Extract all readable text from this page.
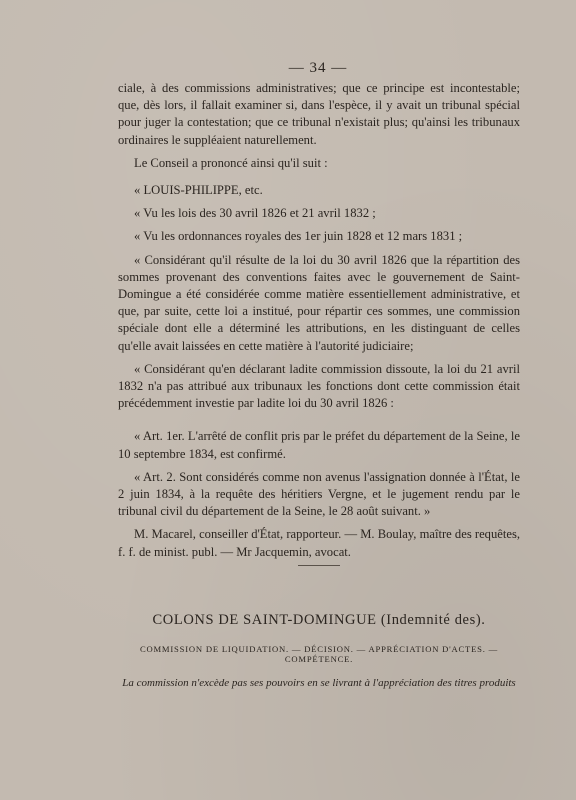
— 34 —

ciale, à des commissions administratives; que ce principe est incontestable; que, dès lors, il fallait examiner si, dans l'espèce, il y avait un tribunal spécial pour juger la contestation; que ce tribunal n'existait plus; qu'ainsi les tribunaux ordinaires le suppléaient naturellement.

Le Conseil a prononcé ainsi qu'il suit :

« LOUIS-PHILIPPE, etc.

« Vu les lois des 30 avril 1826 et 21 avril 1832 ;

« Vu les ordonnances royales des 1er juin 1828 et 12 mars 1831 ;

« Considérant qu'il résulte de la loi du 30 avril 1826 que la répartition des sommes provenant des conventions faites avec le gouvernement de Saint-Domingue a été considérée comme matière essentiellement administrative, et que, par suite, cette loi a institué, pour répartir ces sommes, une commission spéciale dont elle a déterminé les attributions, en les distinguant de celles qu'elle avait laissées en cette matière à l'autorité judiciaire;

« Considérant qu'en déclarant ladite commission dissoute, la loi du 21 avril 1832 n'a pas attribué aux tribunaux les fonctions dont cette commission était précédemment investie par ladite loi du 30 avril 1826 :

« Art. 1er. L'arrêté de conflit pris par le préfet du département de la Seine, le 10 septembre 1834, est confirmé.

« Art. 2. Sont considérés comme non avenus l'assignation donnée à l'État, le 2 juin 1834, à la requête des héritiers Vergne, et le jugement rendu par le tribunal civil du département de la Seine, le 28 août suivant. »

M. Macarel, conseiller d'État, rapporteur. — M. Boulay, maître des requêtes, f. f. de minist. publ. — Mr Jacquemin, avocat.

COLONS DE SAINT-DOMINGUE (Indemnité des).
COMMISSION DE LIQUIDATION. — DÉCISION. — APPRÉCIATION D'ACTES. — COMPÉTENCE.
La commission n'excède pas ses pouvoirs en se livrant à l'appréciation des titres produits
